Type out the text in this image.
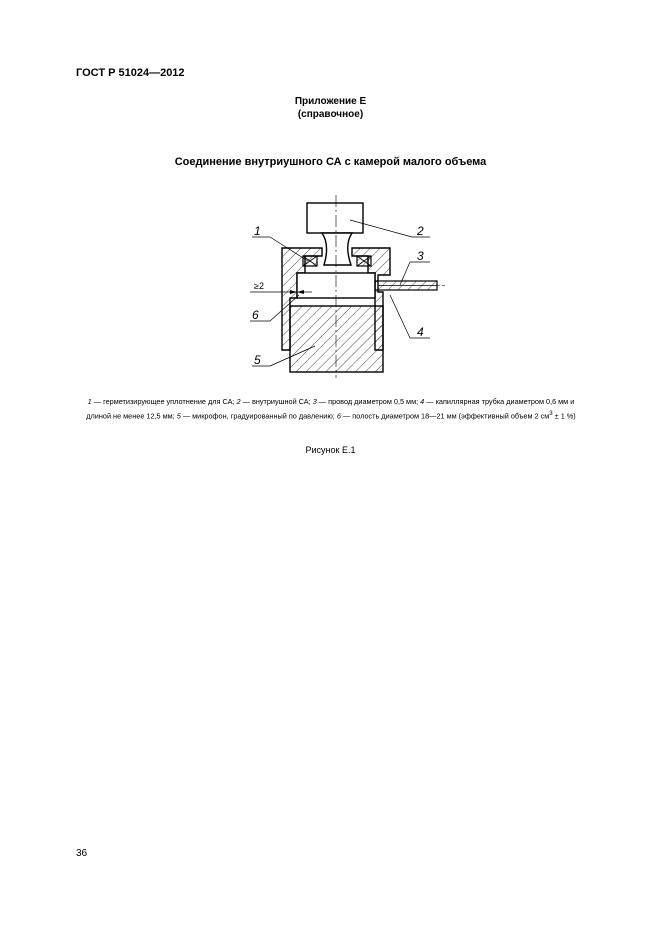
ГОСТ Р 51024—2012
Приложение Е
(справочное)
Соединение внутриушного СА с камерой малого объема
≥2
1	2
3
4
5
6
1 — герметизирующее уплотнение для СА; 2 — внутриушной СА; 3 — провод диаметром 0,5 мм; 4 — капиллярная трубка диаметром 0,6 мм и длиной не менее 12,5 мм; 5 — микрофон, градуированный по давлению; 6 — полость диаметром 18—21 мм (эффективный объем 2 $см^3 \pm 1$ %)
Рисунок Е.1
36
